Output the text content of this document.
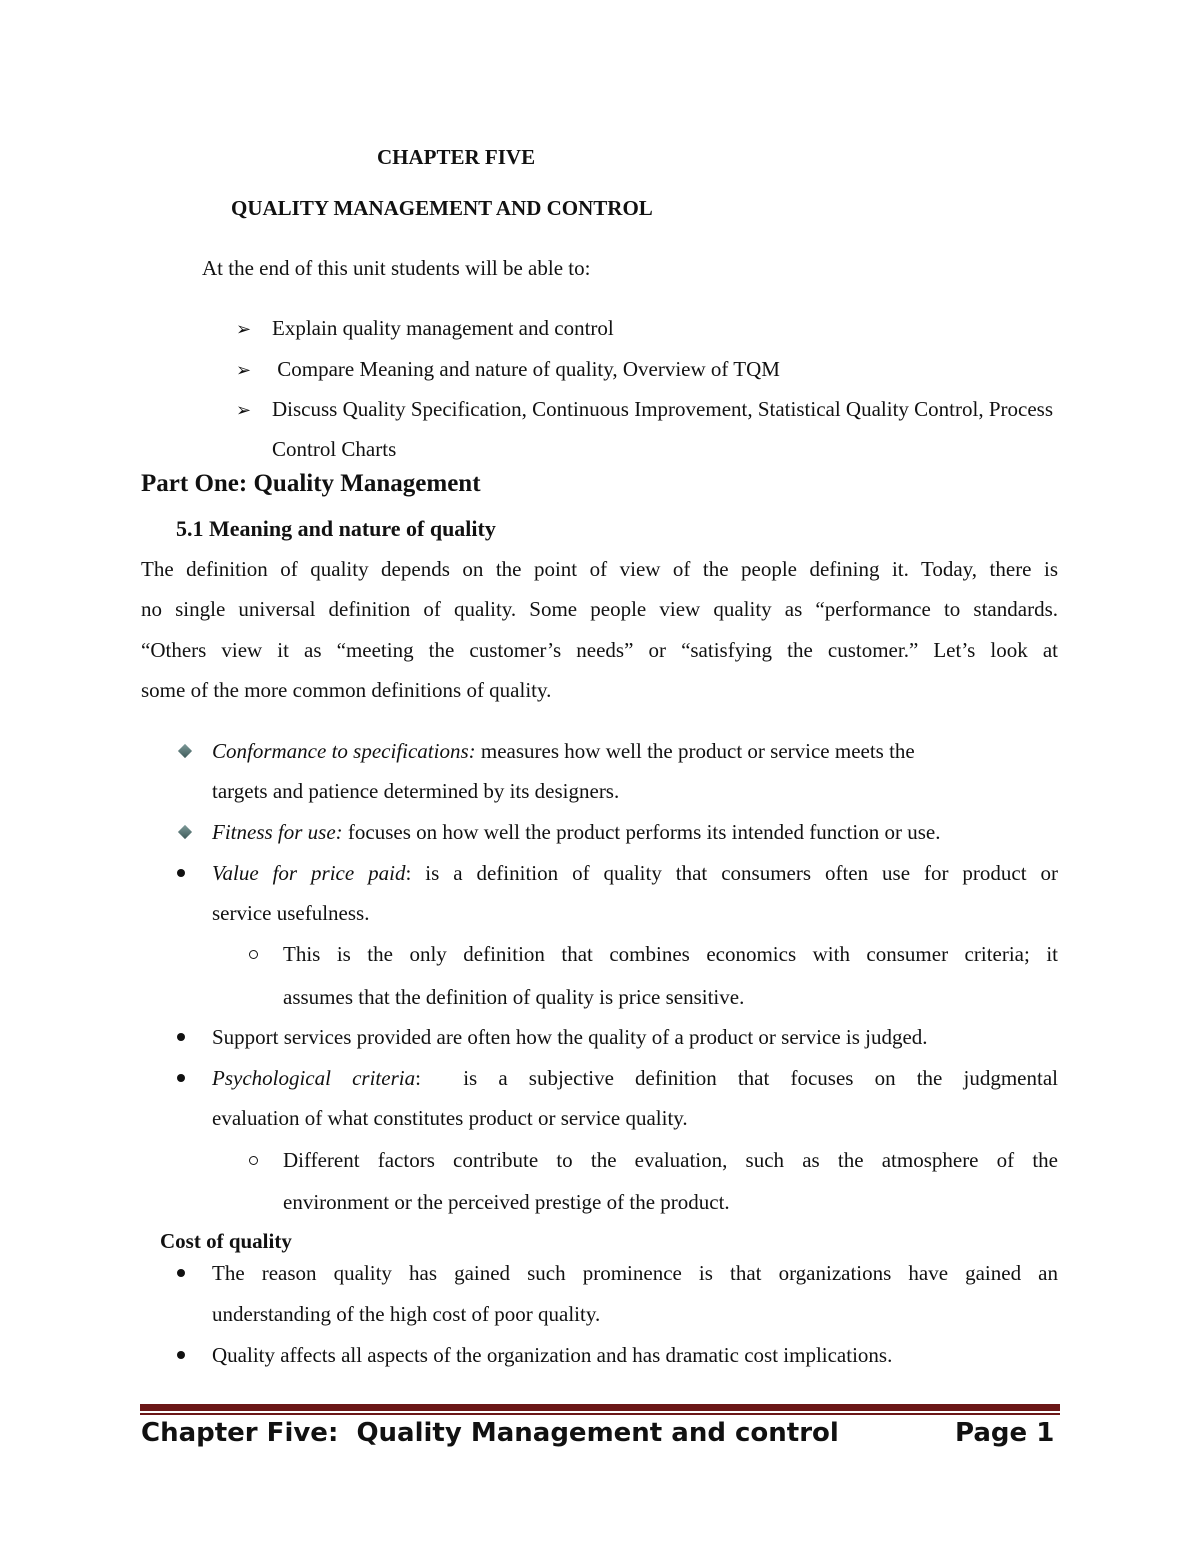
CHAPTER FIVE
QUALITY MANAGEMENT AND CONTROL
At the end of this unit students will be able to:
➢ Explain quality management and control
➢ Compare Meaning and nature of quality, Overview of TQM
➢ Discuss Quality Specification, Continuous Improvement, Statistical Quality Control, Process
Control Charts
Part One: Quality Management
5.1 Meaning and nature of quality
The definition of quality depends on the point of view of the people defining it. Today, there is
no single universal definition of quality. Some people view quality as “performance to standards.
“Others view it as “meeting the customer’s needs” or “satisfying the customer.” Let’s look at
some of the more common definitions of quality.
Conformance to specifications: measures how well the product or service meets the
targets and patience determined by its designers.
Fitness for use: focuses on how well the product performs its intended function or use.
Value for price paid: is a definition of quality that consumers often use for product or
service usefulness.
This is the only definition that combines economics with consumer criteria; it
assumes that the definition of quality is price sensitive.
Support services provided are often how the quality of a product or service is judged.
Psychological criteria:  is a subjective definition that focuses on the judgmental
evaluation of what constitutes product or service quality.
Different factors contribute to the evaluation, such as the atmosphere of the
environment or the perceived prestige of the product.
Cost of quality
The reason quality has gained such prominence is that organizations have gained an
understanding of the high cost of poor quality.
Quality affects all aspects of the organization and has dramatic cost implications.
Chapter Five:  Quality Management and control	Page 1
